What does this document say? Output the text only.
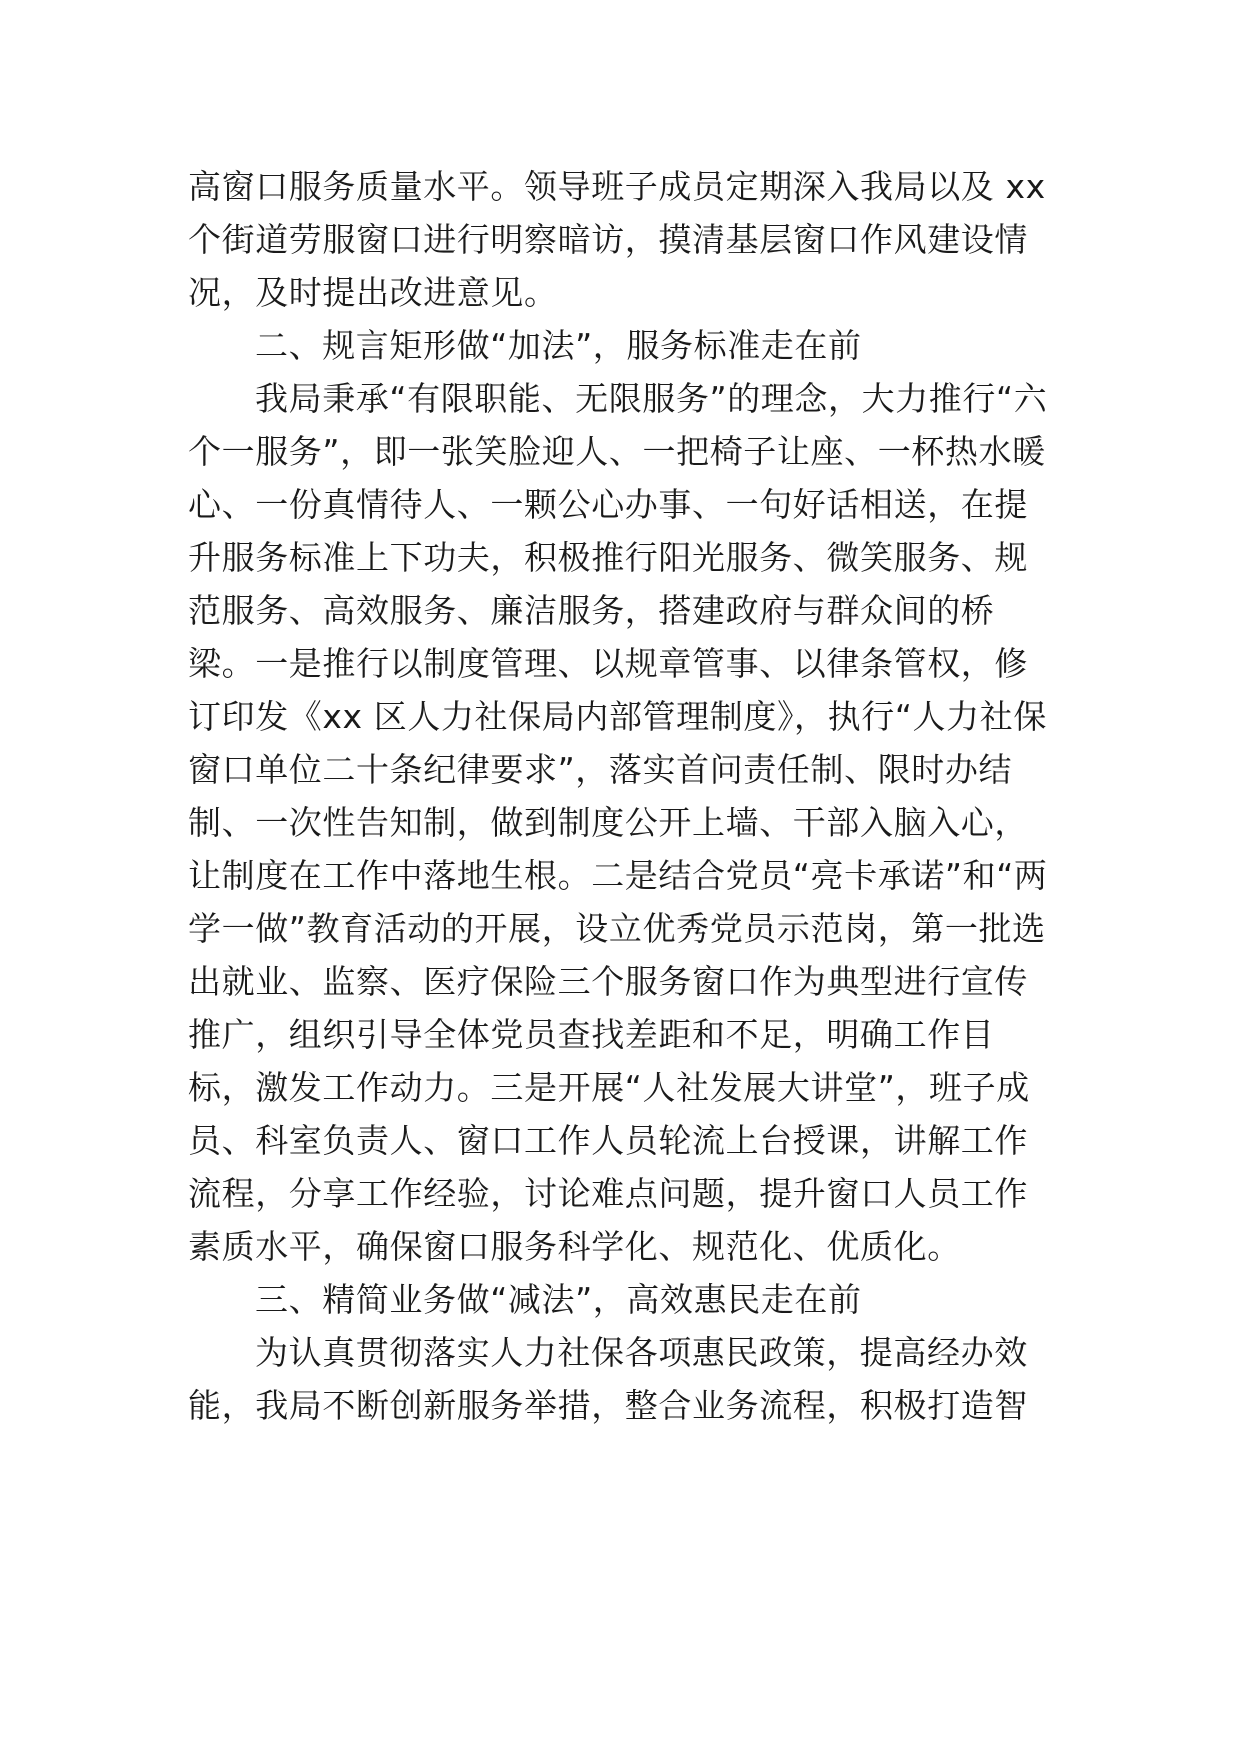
高窗口服务质量水平。领导班子成员定期深入我局以及 xx
个街道劳服窗口进行明察暗访，摸清基层窗口作风建设情
况，及时提出改进意见。
二、规言矩形做“加法”，服务标准走在前
我局秉承“有限职能、无限服务”的理念，大力推行“六
个一服务”，即一张笑脸迎人、一把椅子让座、一杯热水暖
心、一份真情待人、一颗公心办事、一句好话相送，在提
升服务标准上下功夫，积极推行阳光服务、微笑服务、规
范服务、高效服务、廉洁服务，搭建政府与群众间的桥
梁。一是推行以制度管理、以规章管事、以律条管权，修
订印发《xx 区人力社保局内部管理制度》，执行“人力社保
窗口单位二十条纪律要求”，落实首问责任制、限时办结
制、一次性告知制，做到制度公开上墙、干部入脑入心，
让制度在工作中落地生根。二是结合党员“亮卡承诺”和“两
学一做”教育活动的开展，设立优秀党员示范岗，第一批选
出就业、监察、医疗保险三个服务窗口作为典型进行宣传
推广，组织引导全体党员查找差距和不足，明确工作目
标，激发工作动力。三是开展“人社发展大讲堂”，班子成
员、科室负责人、窗口工作人员轮流上台授课，讲解工作
流程，分享工作经验，讨论难点问题，提升窗口人员工作
素质水平，确保窗口服务科学化、规范化、优质化。
三、精简业务做“减法”，高效惠民走在前
为认真贯彻落实人力社保各项惠民政策，提高经办效
能，我局不断创新服务举措，整合业务流程，积极打造智
